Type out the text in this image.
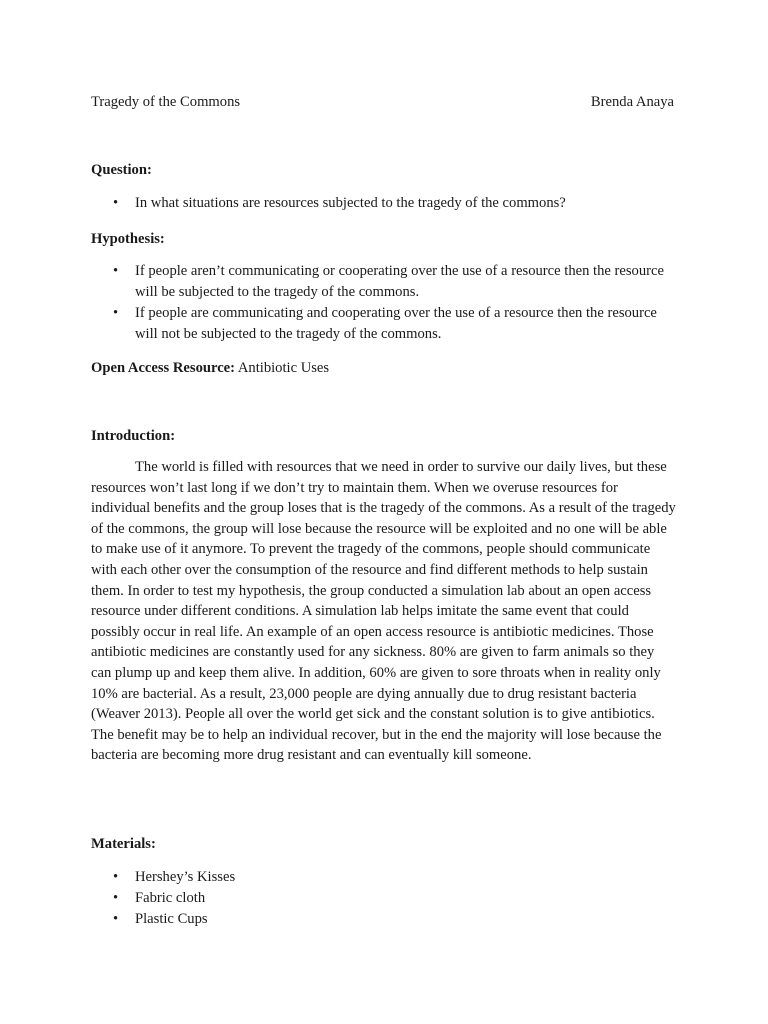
Tragedy of the Commons	Brenda Anaya
Question:
• In what situations are resources subjected to the tragedy of the commons?
Hypothesis:
• If people aren’t communicating or cooperating over the use of a resource then the resource will be subjected to the tragedy of the commons.
• If people are communicating and cooperating over the use of a resource then the resource will not be subjected to the tragedy of the commons.
Open Access Resource: Antibiotic Uses
Introduction:

The world is filled with resources that we need in order to survive our daily lives, but these resources won’t last long if we don’t try to maintain them. When we overuse resources for individual benefits and the group loses that is the tragedy of the commons. As a result of the tragedy of the commons, the group will lose because the resource will be exploited and no one will be able to make use of it anymore. To prevent the tragedy of the commons, people should communicate with each other over the consumption of the resource and find different methods to help sustain them. In order to test my hypothesis, the group conducted a simulation lab about an open access resource under different conditions. A simulation lab helps imitate the same event that could possibly occur in real life. An example of an open access resource is antibiotic medicines. Those antibiotic medicines are constantly used for any sickness. 80% are given to farm animals so they can plump up and keep them alive. In addition, 60% are given to sore throats when in reality only 10% are bacterial. As a result, 23,000 people are dying annually due to drug resistant bacteria (Weaver 2013). People all over the world get sick and the constant solution is to give antibiotics. The benefit may be to help an individual recover, but in the end the majority will lose because the bacteria are becoming more drug resistant and can eventually kill someone.

Materials:
• Hershey’s Kisses
• Fabric cloth
• Plastic Cups
